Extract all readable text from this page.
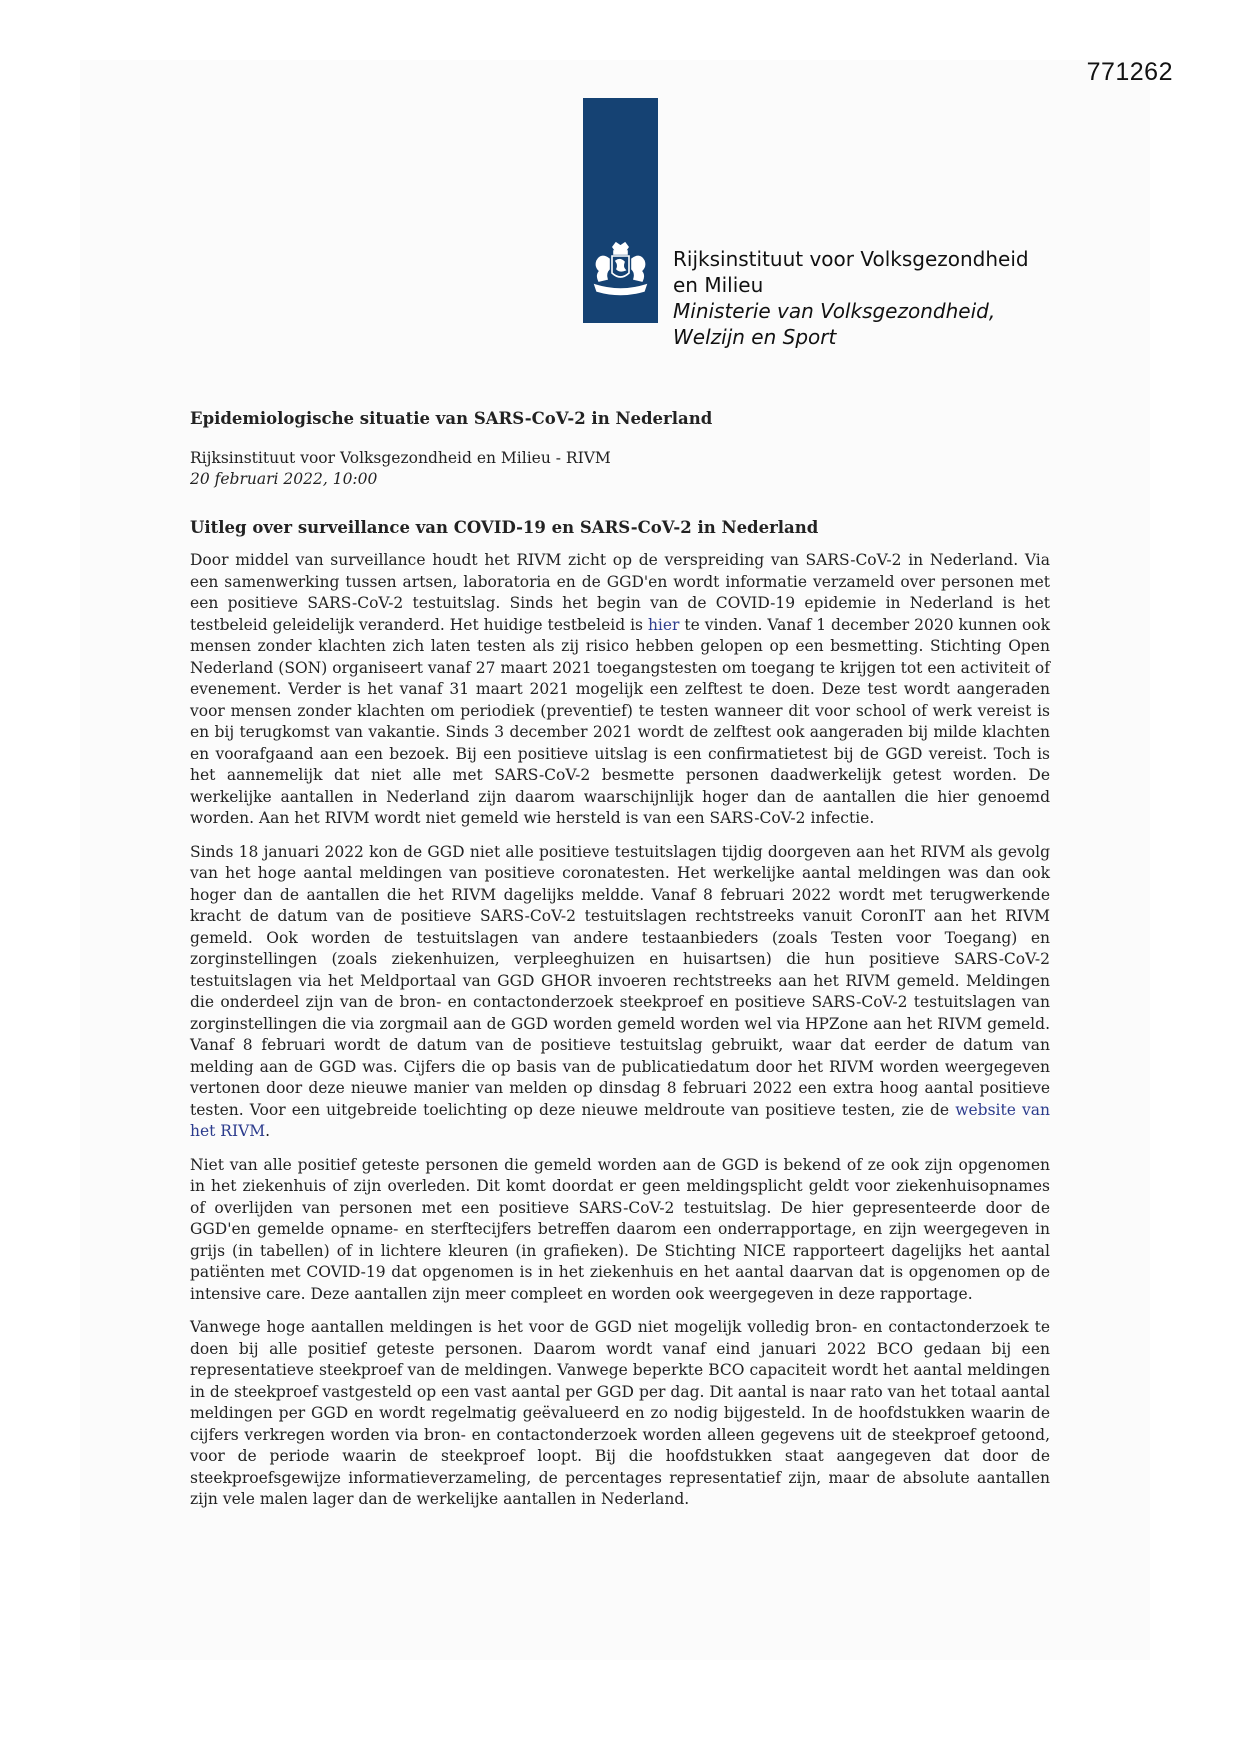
771262
Rijksinstituut voor Volksgezondheid
en Milieu
Ministerie van Volksgezondheid,
Welzijn en Sport
Epidemiologische situatie van SARS-CoV-2 in Nederland

Rijksinstituut voor Volksgezondheid en Milieu - RIVM

20 februari 2022, 10:00

Uitleg over surveillance van COVID-19 en SARS-CoV-2 in Nederland

Door middel van surveillance houdt het RIVM zicht op de verspreiding van SARS-CoV-2 in Nederland. Via een samenwerking tussen artsen, laboratoria en de GGD'en wordt informatie verzameld over personen met een positieve SARS-CoV-2 testuitslag. Sinds het begin van de COVID-19 epidemie in Nederland is het testbeleid geleidelijk veranderd. Het huidige testbeleid is hier te vinden. Vanaf 1 december 2020 kunnen ook mensen zonder klachten zich laten testen als zij risico hebben gelopen op een besmetting. Stichting Open Nederland (SON) organiseert vanaf 27 maart 2021 toegangstesten om toegang te krijgen tot een activiteit of evenement. Verder is het vanaf 31 maart 2021 mogelijk een zelftest te doen. Deze test wordt aangeraden voor mensen zonder klachten om periodiek (preventief) te testen wanneer dit voor school of werk vereist is en bij terugkomst van vakantie. Sinds 3 december 2021 wordt de zelftest ook aangeraden bij milde klachten en voorafgaand aan een bezoek. Bij een positieve uitslag is een confirmatietest bij de GGD vereist. Toch is het aannemelijk dat niet alle met SARS-CoV-2 besmette personen daadwerkelijk getest worden. De werkelijke aantallen in Nederland zijn daarom waarschijnlijk hoger dan de aantallen die hier genoemd worden. Aan het RIVM wordt niet gemeld wie hersteld is van een SARS-CoV-2 infectie.

Sinds 18 januari 2022 kon de GGD niet alle positieve testuitslagen tijdig doorgeven aan het RIVM als gevolg van het hoge aantal meldingen van positieve coronatesten. Het werkelijke aantal meldingen was dan ook hoger dan de aantallen die het RIVM dagelijks meldde. Vanaf 8 februari 2022 wordt met terugwerkende kracht de datum van de positieve SARS-CoV-2 testuitslagen rechtstreeks vanuit CoronIT aan het RIVM gemeld. Ook worden de testuitslagen van andere testaanbieders (zoals Testen voor Toegang) en zorginstellingen (zoals ziekenhuizen, verpleeghuizen en huisartsen) die hun positieve SARS-CoV-2 testuitslagen via het Meldportaal van GGD GHOR invoeren rechtstreeks aan het RIVM gemeld. Meldingen die onderdeel zijn van de bron- en contactonderzoek steekproef en positieve SARS-CoV-2 testuitslagen van zorginstellingen die via zorgmail aan de GGD worden gemeld worden wel via HPZone aan het RIVM gemeld. Vanaf 8 februari wordt de datum van de positieve testuitslag gebruikt, waar dat eerder de datum van melding aan de GGD was. Cijfers die op basis van de publicatiedatum door het RIVM worden weergegeven vertonen door deze nieuwe manier van melden op dinsdag 8 februari 2022 een extra hoog aantal positieve testen. Voor een uitgebreide toelichting op deze nieuwe meldroute van positieve testen, zie de website van het RIVM.

Niet van alle positief geteste personen die gemeld worden aan de GGD is bekend of ze ook zijn opgenomen in het ziekenhuis of zijn overleden. Dit komt doordat er geen meldingsplicht geldt voor ziekenhuisopnames of overlijden van personen met een positieve SARS-CoV-2 testuitslag. De hier gepresenteerde door de GGD'en gemelde opname- en sterftecijfers betreffen daarom een onderrapportage, en zijn weergegeven in grijs (in tabellen) of in lichtere kleuren (in grafieken). De Stichting NICE rapporteert dagelijks het aantal patiënten met COVID-19 dat opgenomen is in het ziekenhuis en het aantal daarvan dat is opgenomen op de intensive care. Deze aantallen zijn meer compleet en worden ook weergegeven in deze rapportage.

Vanwege hoge aantallen meldingen is het voor de GGD niet mogelijk volledig bron- en contactonderzoek te doen bij alle positief geteste personen. Daarom wordt vanaf eind januari 2022 BCO gedaan bij een representatieve steekproef van de meldingen. Vanwege beperkte BCO capaciteit wordt het aantal meldingen in de steekproef vastgesteld op een vast aantal per GGD per dag. Dit aantal is naar rato van het totaal aantal meldingen per GGD en wordt regelmatig geëvalueerd en zo nodig bijgesteld. In de hoofdstukken waarin de cijfers verkregen worden via bron- en contactonderzoek worden alleen gegevens uit de steekproef getoond, voor de periode waarin de steekproef loopt. Bij die hoofdstukken staat aangegeven dat door de steekproefsgewijze informatieverzameling, de percentages representatief zijn, maar de absolute aantallen zijn vele malen lager dan de werkelijke aantallen in Nederland.
